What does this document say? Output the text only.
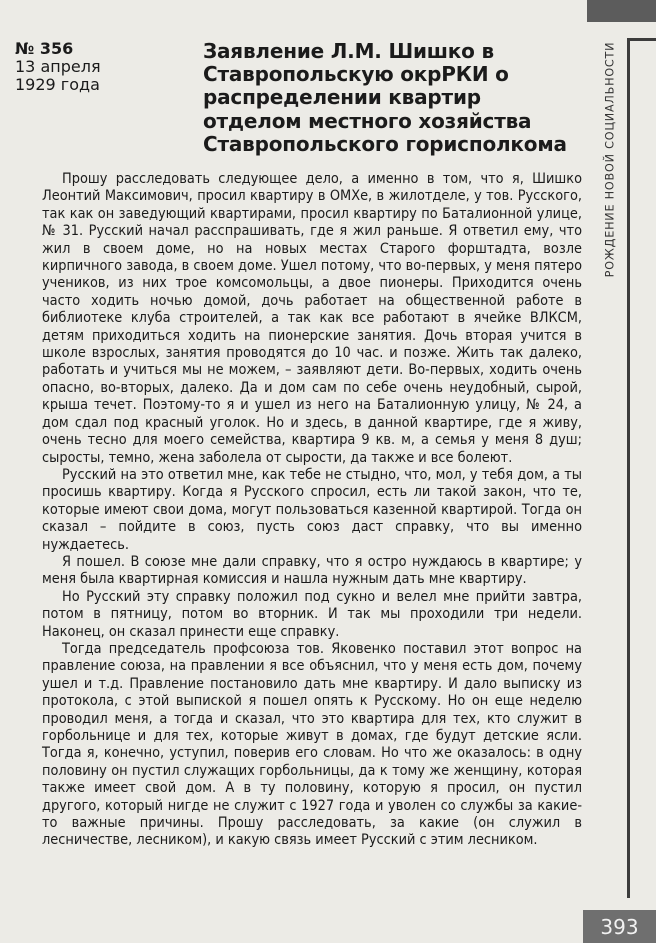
РОЖДЕНИЕ НОВОЙ СОЦИАЛЬНОСТИ
№ 356
13 апреля
1929 года
Заявление Л.М. Шишко в Ставропольскую окрРКИ о распределении квартир отделом местного хозяйства Ставропольского горисполкома

Прошу расследовать следующее дело, а именно в том, что я, Шишко Леонтий Максимович, просил квартиру в ОМХе, в жилотделе, у тов. Русского, так как он заведующий квартирами, просил квартиру по Баталионной улице, № 31. Русский начал расспрашивать, где я жил раньше. Я ответил ему, что жил в своем доме, но на новых местах Старого форштадта, возле кирпичного завода, в своем доме. Ушел потому, что во-первых, у меня пятеро учеников, из них трое комсомольцы, а двое пионеры. Приходится очень часто ходить ночью домой, дочь работает на общественной работе в библиотеке клуба строителей, а так как все работают в ячейке ВЛКСМ, детям приходиться ходить на пионерские занятия. Дочь вторая учится в школе взрослых, занятия проводятся до 10 час. и позже. Жить так далеко, работать и учиться мы не можем, – заявляют дети. Во-первых, ходить очень опасно, во-вторых, далеко. Да и дом сам по себе очень неудобный, сырой, крыша течет. Поэтому-то я и ушел из него на Баталионную улицу, № 24, а дом сдал под красный уголок. Но и здесь, в данной квартире, где я живу, очень тесно для моего семейства, квартира 9 кв. м, а семья у меня 8 душ; сыросты, темно, жена заболела от сырости, да также и все болеют.

Русский на это ответил мне, как тебе не стыдно, что, мол, у тебя дом, а ты просишь квартиру. Когда я Русского спросил, есть ли такой закон, что те, которые имеют свои дома, могут пользоваться казенной квартирой. Тогда он сказал – пойдите в союз, пусть союз даст справку, что вы именно нуждаетесь.

Я пошел. В союзе мне дали справку, что я остро нуждаюсь в квартире; у меня была квартирная комиссия и нашла нужным дать мне квартиру.

Но Русский эту справку положил под сукно и велел мне прийти завтра, потом в пятницу, потом во вторник. И так мы проходили три недели. Наконец, он сказал принести еще справку.

Тогда председатель профсоюза тов. Яковенко поставил этот вопрос на правление союза, на правлении я все объяснил, что у меня есть дом, почему ушел и т.д. Правление постановило дать мне квартиру. И дало выписку из протокола, с этой выпиской я пошел опять к Русскому. Но он еще неделю проводил меня, а тогда и сказал, что это квартира для тех, кто служит в горбольнице и для тех, которые живут в домах, где будут детские ясли. Тогда я, конечно, уступил, поверив его словам. Но что же оказалось: в одну половину он пустил служащих горбольницы, да к тому же женщину, которая также имеет свой дом. А в ту половину, которую я просил, он пустил другого, который нигде не служит с 1927 года и уволен со службы за какие-то важные причины. Прошу расследовать, за какие (он служил в лесничестве, лесником), и какую связь имеет Русский с этим лесником.

393
